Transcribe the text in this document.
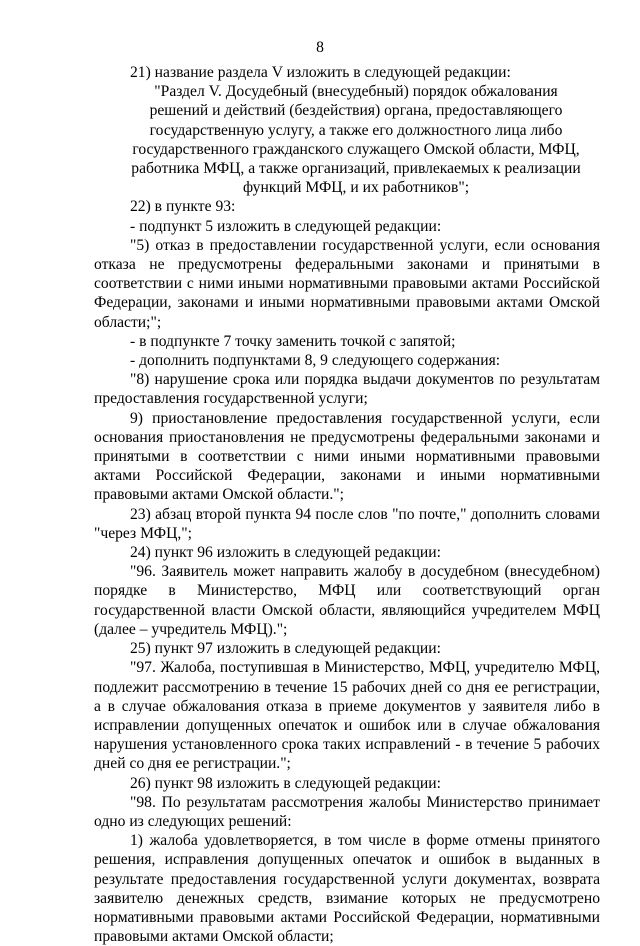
8

21) название раздела V изложить в следующей редакции:

"Раздел V. Досудебный (внесудебный) порядок обжалования

решений и действий (бездействия) органа, предоставляющего

государственную услугу, а также его должностного лица либо

государственного гражданского служащего Омской области, МФЦ,

работника МФЦ, а также организаций, привлекаемых к реализации

функций МФЦ, и их работников";

22) в пункте 93:

- подпункт 5 изложить в следующей редакции:

"5) отказ в предоставлении государственной услуги, если основания отказа не предусмотрены федеральными законами и принятыми в соответствии с ними иными нормативными правовыми актами Российской Федерации, законами и иными нормативными правовыми актами Омской области;";

- в подпункте 7 точку заменить точкой с запятой;

- дополнить подпунктами 8, 9 следующего содержания:

"8) нарушение срока или порядка выдачи документов по результатам предоставления государственной услуги;

9) приостановление предоставления государственной услуги, если основания приостановления не предусмотрены федеральными законами и принятыми в соответствии с ними иными нормативными правовыми актами Российской Федерации, законами и иными нормативными правовыми актами Омской области.";

23) абзац второй пункта 94 после слов "по почте," дополнить словами "через МФЦ,";

24) пункт 96 изложить в следующей редакции:

"96. Заявитель может направить жалобу в досудебном (внесудебном) порядке в Министерство, МФЦ или соответствующий орган государственной власти Омской области, являющийся учредителем МФЦ (далее – учредитель МФЦ).";

25) пункт 97 изложить в следующей редакции:

"97. Жалоба, поступившая в Министерство, МФЦ, учредителю МФЦ, подлежит рассмотрению в течение 15 рабочих дней со дня ее регистрации, а в случае обжалования отказа в приеме документов у заявителя либо в исправлении допущенных опечаток и ошибок или в случае обжалования нарушения установленного срока таких исправлений - в течение 5 рабочих дней со дня ее регистрации.";

26) пункт 98 изложить в следующей редакции:

"98. По результатам рассмотрения жалобы Министерство принимает одно из следующих решений:

1) жалоба удовлетворяется, в том числе в форме отмены принятого решения, исправления допущенных опечаток и ошибок в выданных в результате предоставления государственной услуги документах, возврата заявителю денежных средств, взимание которых не предусмотрено нормативными правовыми актами Российской Федерации, нормативными правовыми актами Омской области;
